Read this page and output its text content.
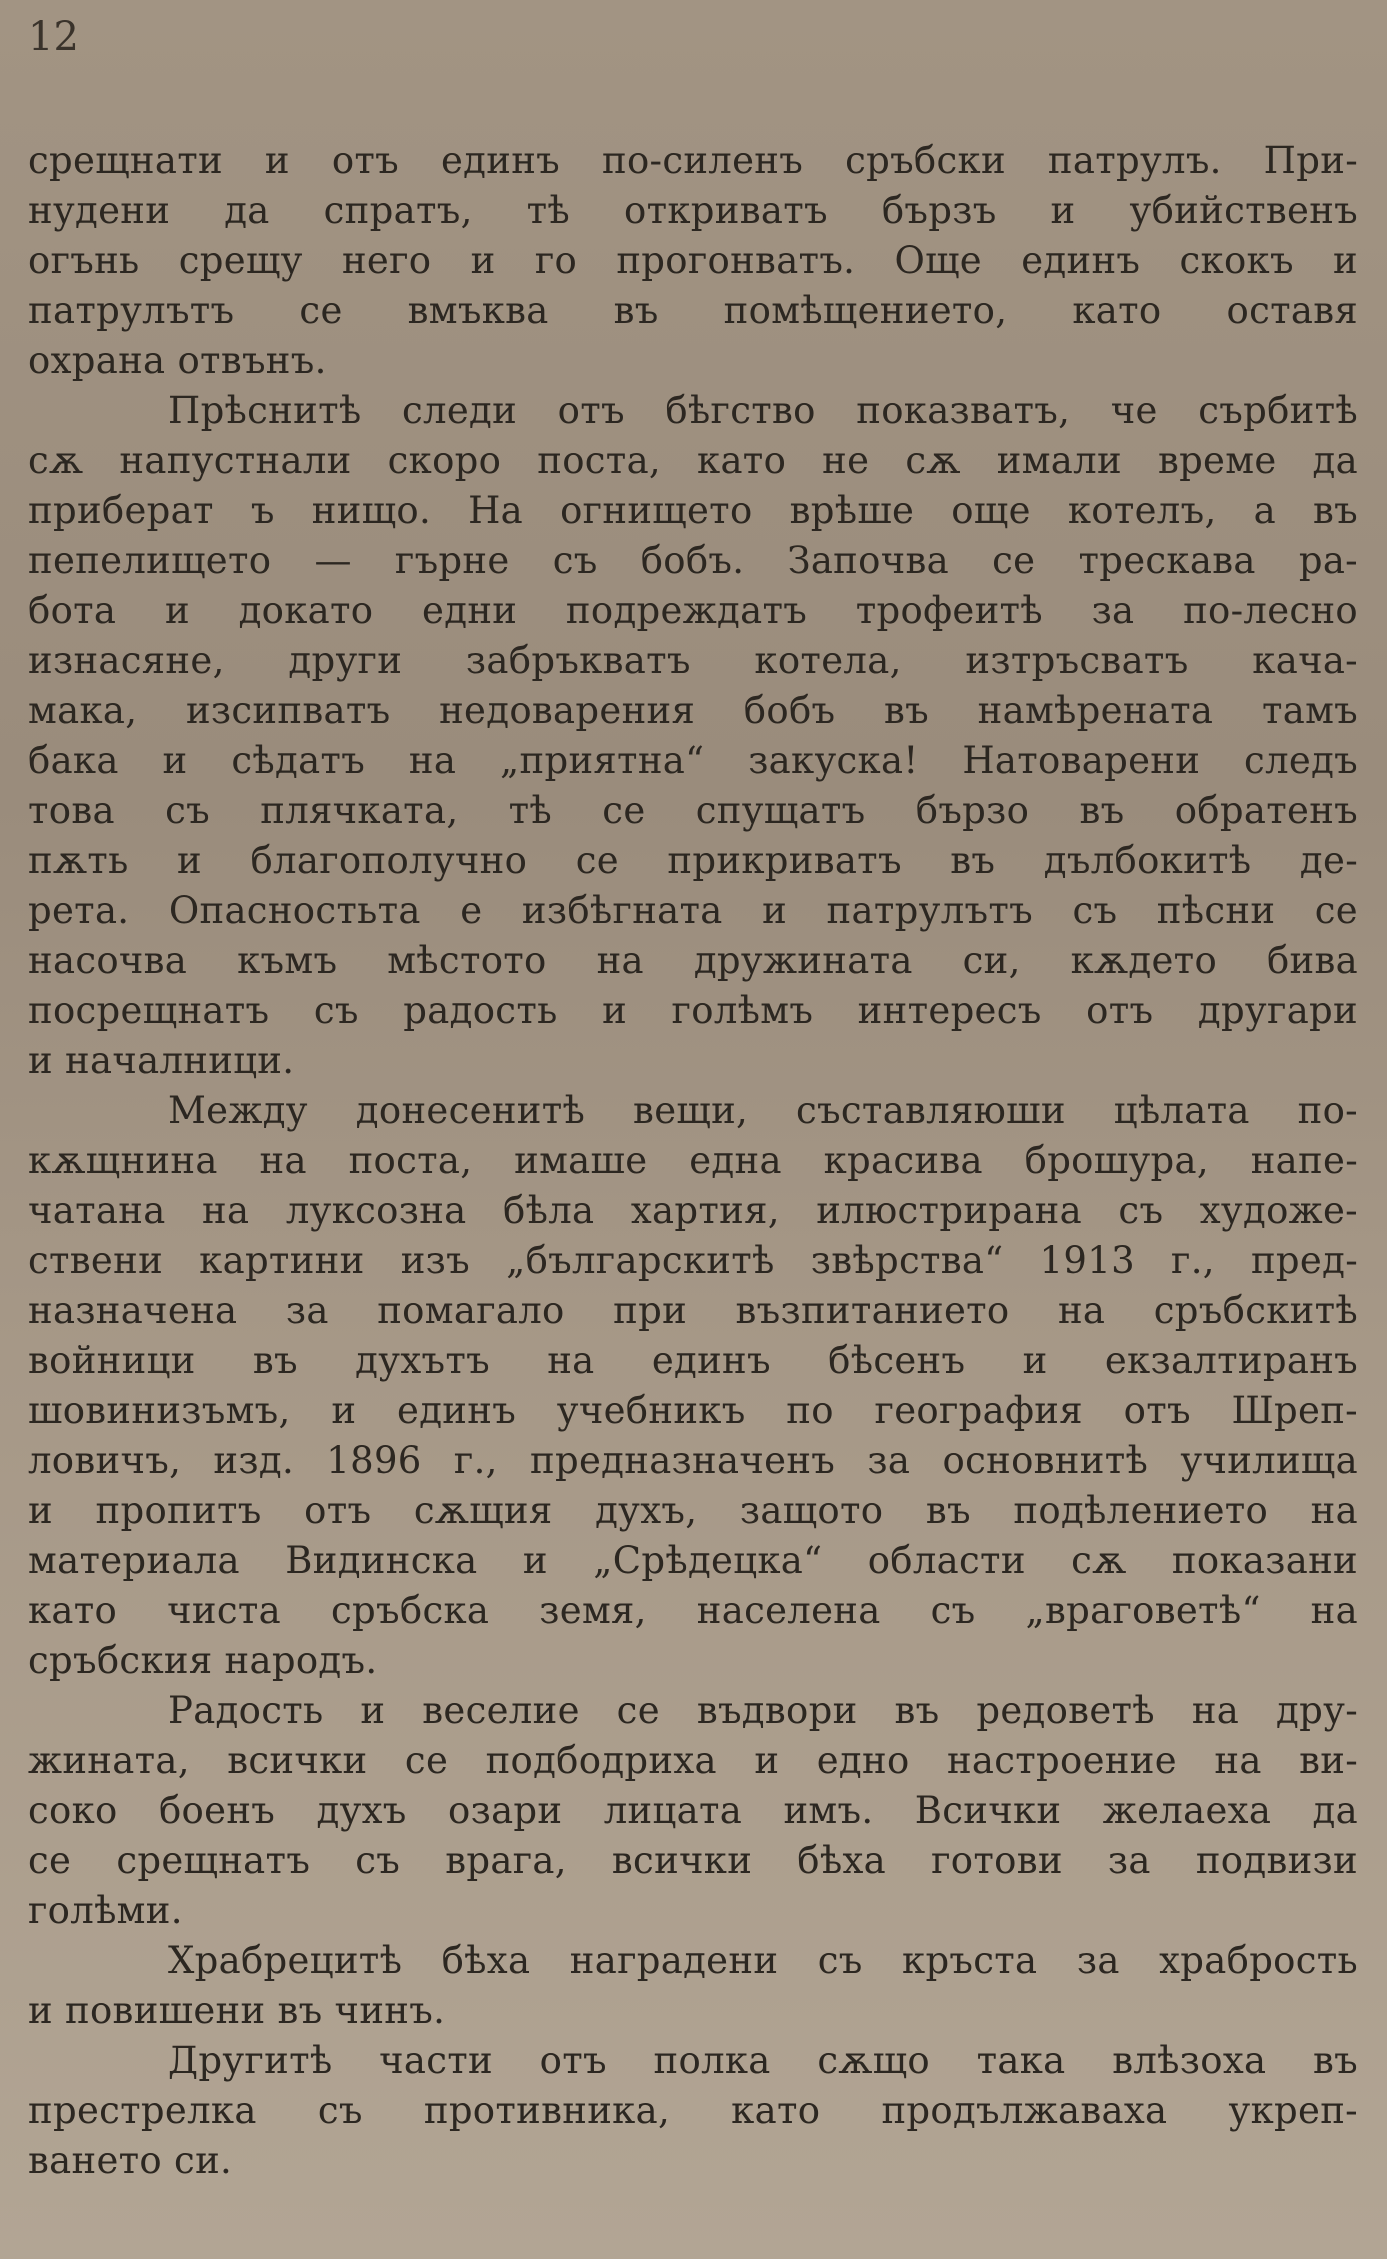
12
срещнати и отъ единъ по-силенъ сръбски патрулъ. При-
нудени да спратъ, тѣ откриватъ бързъ и убийственъ
огънь срещу него и го прогонватъ. Още единъ скокъ и
патрулътъ се вмъква въ помѣщението, като оставя
охрана отвънъ.
Прѣснитѣ следи отъ бѣгство показватъ, че сърбитѣ
сѫ напустнали скоро поста, като не сѫ имали време да
приберат ъ нищо. На огнището врѣше още котелъ, а въ
пепелището — гърне съ бобъ. Започва се трескава ра-
бота и докато едни подреждатъ трофеитѣ за по-лесно
изнасяне, други забръкватъ котела, изтръсватъ кача-
мака, изсипватъ недоварения бобъ въ намѣрената тамъ
бака и сѣдатъ на „приятна“ закуска! Натоварени следъ
това съ плячката, тѣ се спущатъ бързо въ обратенъ
пѫть и благополучно се прикриватъ въ дълбокитѣ де-
рета. Опасностьта е избѣгната и патрулътъ съ пѣсни се
насочва къмъ мѣстото на дружината си, кѫдето бива
посрещнатъ съ радость и голѣмъ интересъ отъ другари
и началници.
Между донесенитѣ вещи, съставляюши цѣлата по-
кѫщнина на поста, имаше една красива брошура, напе-
чатана на луксозна бѣла хартия, илюстрирана съ художе-
ствени картини изъ „българскитѣ звѣрства“ 1913 г., пред-
назначена за помагало при възпитанието на сръбскитѣ
войници въ духътъ на единъ бѣсенъ и екзалтиранъ
шовинизъмъ, и единъ учебникъ по география отъ Шреп-
ловичъ, изд. 1896 г., предназначенъ за основнитѣ училища
и пропитъ отъ сѫщия духъ, защото въ подѣлението на
материала Видинска и „Срѣдецка“ области сѫ показани
като чиста сръбска земя, населена съ „враговетѣ“ на
сръбския народъ.
Радость и веселие се въдвори въ редоветѣ на дру-
жината, всички се подбодриха и едно настроение на ви-
соко боенъ духъ озари лицата имъ. Всички желаеха да
се срещнатъ съ врага, всички бѣха готови за подвизи
голѣми.
Храбрецитѣ бѣха наградени съ кръста за храбрость
и повишени въ чинъ.
Другитѣ части отъ полка сѫщо така влѣзоха въ
престрелка съ противника, като продължаваха укреп-
ването си.
